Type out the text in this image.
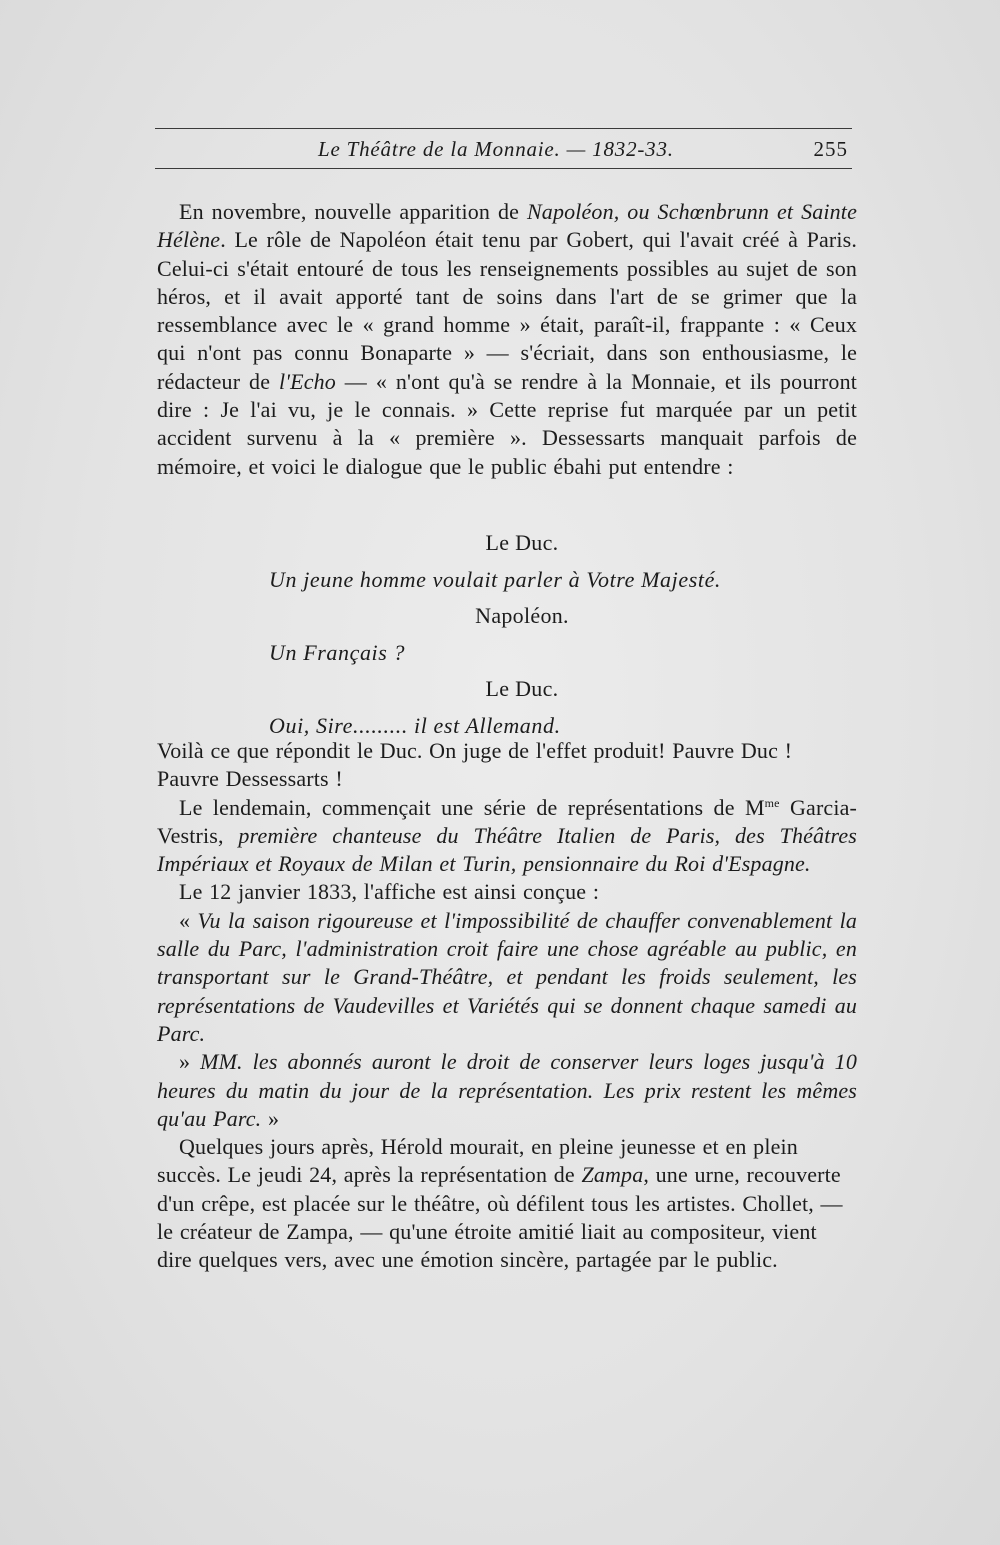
Le Théâtre de la Monnaie. — 1832-33.	255

En novembre, nouvelle apparition de Napoléon, ou Schœnbrunn et Sainte Hélène. Le rôle de Napoléon était tenu par Gobert, qui l'avait créé à Paris. Celui-ci s'était entouré de tous les renseignements possibles au sujet de son héros, et il avait apporté tant de soins dans l'art de se grimer que la ressemblance avec le « grand homme » était, paraît-il, frappante : « Ceux qui n'ont pas connu Bonaparte » — s'écriait, dans son enthousiasme, le rédacteur de l'Echo — « n'ont qu'à se rendre à la Monnaie, et ils pourront dire : Je l'ai vu, je le connais. » Cette reprise fut marquée par un petit accident survenu à la « première ». Dessessarts manquait parfois de mémoire, et voici le dialogue que le public ébahi put entendre :

Le Duc.
Un jeune homme voulait parler à Votre Majesté.
Napoléon.
Un Français ?
Le Duc.
Oui, Sire......... il est Allemand.

Voilà ce que répondit le Duc. On juge de l'effet produit! Pauvre Duc ! Pauvre Dessessarts !

Le lendemain, commençait une série de représentations de $M^{me}$ Garcia-Vestris, première chanteuse du Théâtre Italien de Paris, des Théâtres Impériaux et Royaux de Milan et Turin, pensionnaire du Roi d'Espagne.

Le 12 janvier 1833, l'affiche est ainsi conçue :

« Vu la saison rigoureuse et l'impossibilité de chauffer convenablement la salle du Parc, l'administration croit faire une chose agréable au public, en transportant sur le Grand-Théâtre, et pendant les froids seulement, les représentations de Vaudevilles et Variétés qui se donnent chaque samedi au Parc.

» MM. les abonnés auront le droit de conserver leurs loges jusqu'à 10 heures du matin du jour de la représentation. Les prix restent les mêmes qu'au Parc. »

Quelques jours après, Hérold mourait, en pleine jeunesse et en plein succès. Le jeudi 24, après la représentation de Zampa, une urne, recouverte d'un crêpe, est placée sur le théâtre, où défilent tous les artistes. Chollet, — le créateur de Zampa, — qu'une étroite amitié liait au compositeur, vient dire quelques vers, avec une émotion sincère, partagée par le public.
